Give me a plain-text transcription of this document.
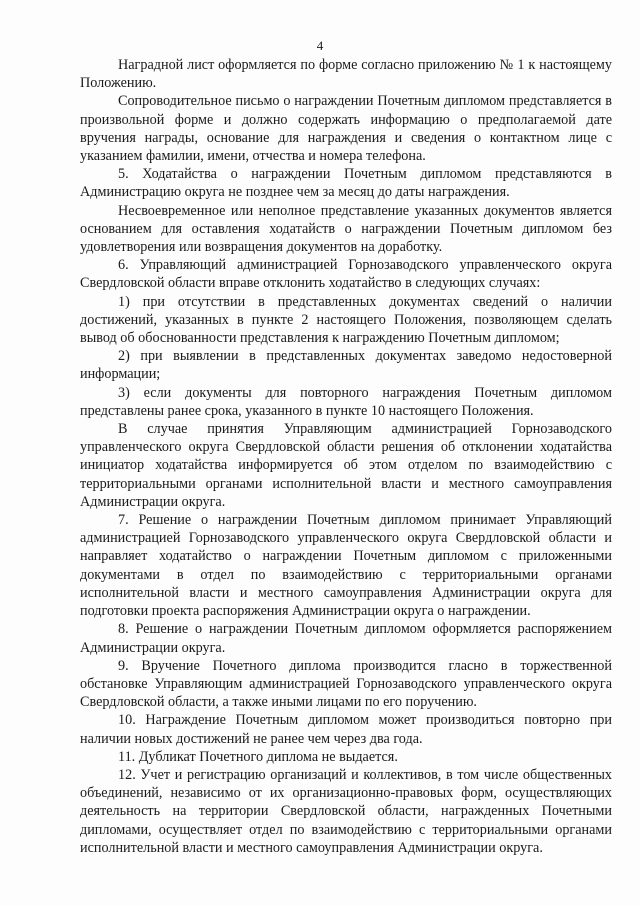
4

Наградной лист оформляется по форме согласно приложению № 1 к настоящему Положению.

Сопроводительное письмо о награждении Почетным дипломом представляется в произвольной форме и должно содержать информацию о предполагаемой дате вручения награды, основание для награждения и сведения о контактном лице с указанием фамилии, имени, отчества и номера телефона.

5. Ходатайства о награждении Почетным дипломом представляются в Администрацию округа не позднее чем за месяц до даты награждения.

Несвоевременное или неполное представление указанных документов является основанием для оставления ходатайств о награждении Почетным дипломом без удовлетворения или возвращения документов на доработку.

6. Управляющий администрацией Горнозаводского управленческого округа Свердловской области вправе отклонить ходатайство в следующих случаях:

1) при отсутствии в представленных документах сведений о наличии достижений, указанных в пункте 2 настоящего Положения, позволяющем сделать вывод об обоснованности представления к награждению Почетным дипломом;

2) при выявлении в представленных документах заведомо недостоверной информации;

3) если документы для повторного награждения Почетным дипломом представлены ранее срока, указанного в пункте 10 настоящего Положения.

В случае принятия Управляющим администрацией Горнозаводского управленческого округа Свердловской области решения об отклонении ходатайства инициатор ходатайства информируется об этом отделом по взаимодействию с территориальными органами исполнительной власти и местного самоуправления Администрации округа.

7. Решение о награждении Почетным дипломом принимает Управляющий администрацией Горнозаводского управленческого округа Свердловской области и направляет ходатайство о награждении Почетным дипломом с приложенными документами в отдел по взаимодействию с территориальными органами исполнительной власти и местного самоуправления Администрации округа для подготовки проекта распоряжения Администрации округа о награждении.

8. Решение о награждении Почетным дипломом оформляется распоряжением Администрации округа.

9. Вручение Почетного диплома производится гласно в торжественной обстановке Управляющим администрацией Горнозаводского управленческого округа Свердловской области, а также иными лицами по его поручению.

10. Награждение Почетным дипломом может производиться повторно при наличии новых достижений не ранее чем через два года.

11. Дубликат Почетного диплома не выдается.

12. Учет и регистрацию организаций и коллективов, в том числе общественных объединений, независимо от их организационно-правовых форм, осуществляющих деятельность на территории Свердловской области, награжденных Почетными дипломами, осуществляет отдел по взаимодействию с территориальными органами исполнительной власти и местного самоуправления Администрации округа.
